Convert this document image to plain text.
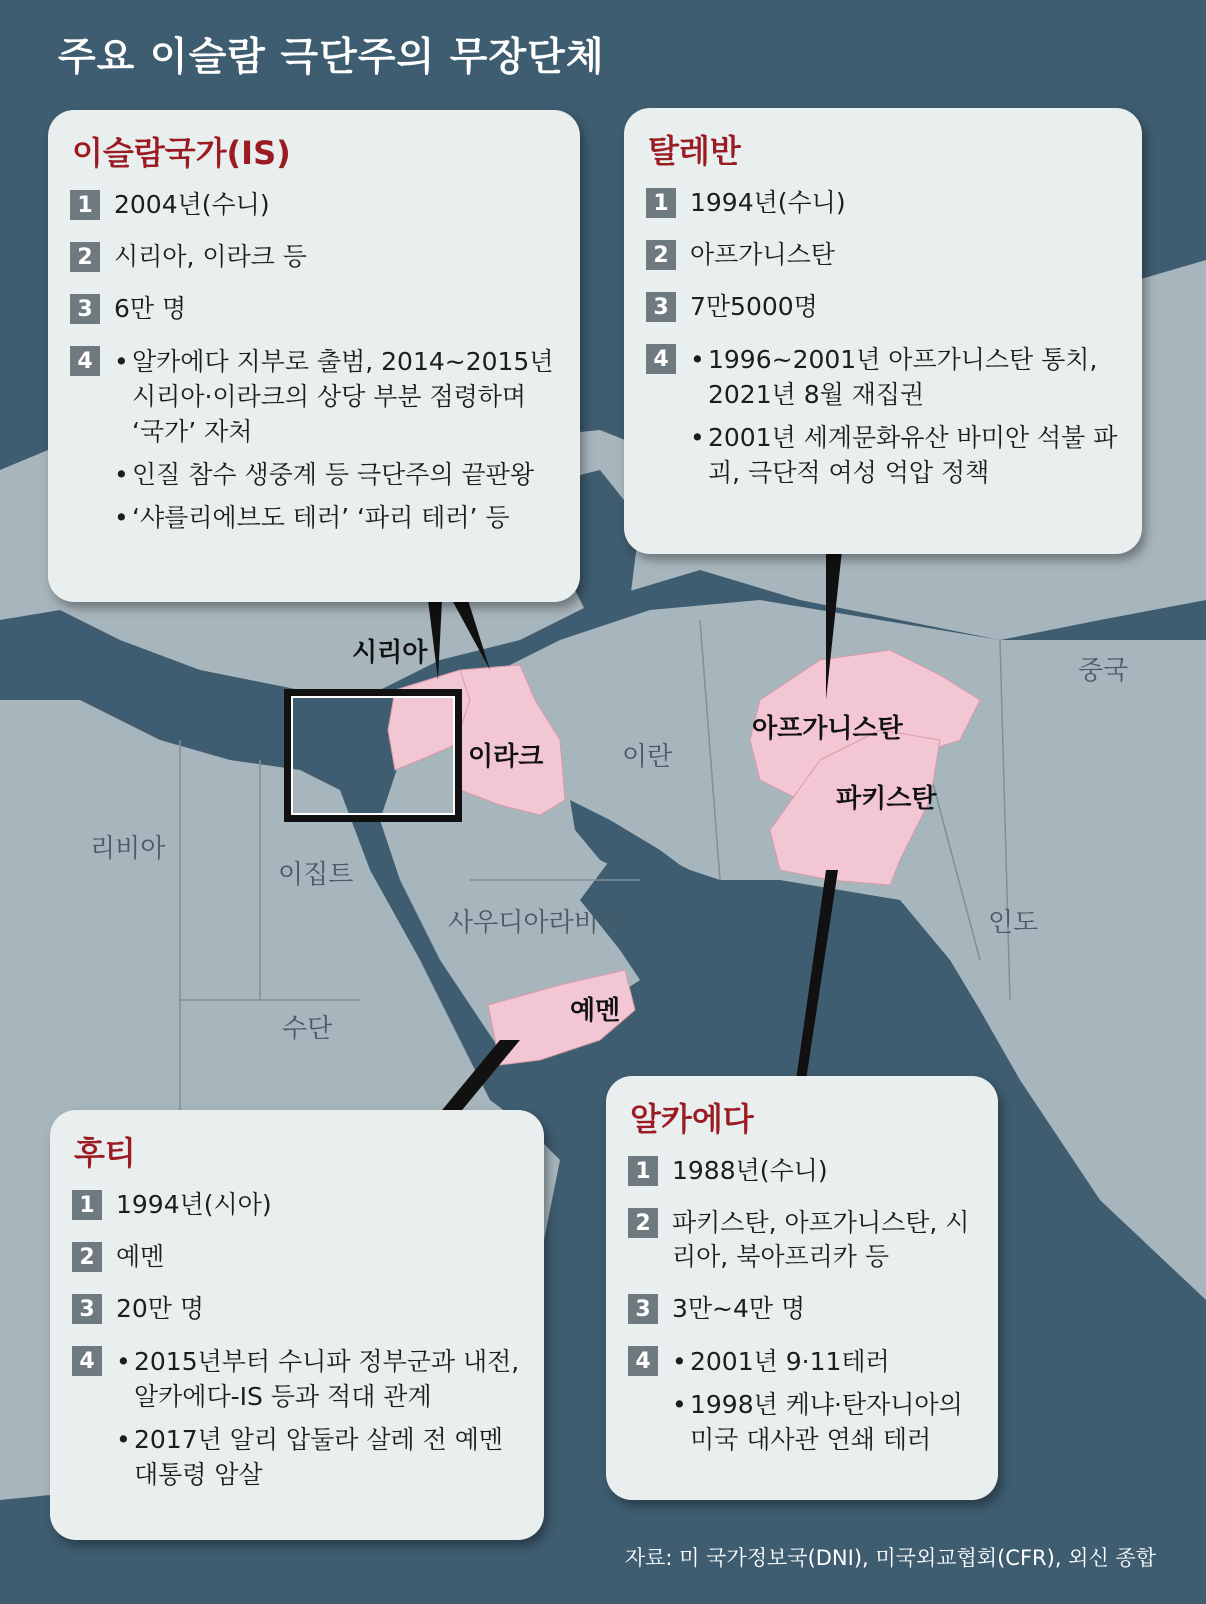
주요 이슬람 극단주의 무장단체
시리아
이라크	이란
중국
아프가니스탄
파키스탄
리비아
이집트
사우디아라비아	인도
예멘
수단
이슬람국가(IS)
1 2004년(수니)
2 시리아, 이라크 등
3 6만 명
4 • 알카에다 지부로 출범, 2014~2015년 시리아·이라크의 상당 부분 점령하며 ‘국가’ 자처
• 인질 참수 생중계 등 극단주의 끝판왕
• ‘샤를리에브도 테러’ ‘파리 테러’ 등
탈레반
1 1994년(수니)
2 아프가니스탄
3 7만5000명
4 • 1996~2001년 아프가니스탄 통치, 2021년 8월 재집권
• 2001년 세계문화유산 바미안 석불 파괴, 극단적 여성 억압 정책
후티
1 1994년(시아)
2 예멘
3 20만 명
4 • 2015년부터 수니파 정부군과 내전, 알카에다-IS 등과 적대 관계
• 2017년 알리 압둘라 살레 전 예멘 대통령 암살
알카에다
1 1988년(수니)
2 파키스탄, 아프가니스탄, 시리아, 북아프리카 등
3 3만~4만 명
4 • 2001년 9·11테러
• 1998년 케냐·탄자니아의 미국 대사관 연쇄 테러
자료: 미 국가정보국(DNI), 미국외교협회(CFR), 외신 종합
